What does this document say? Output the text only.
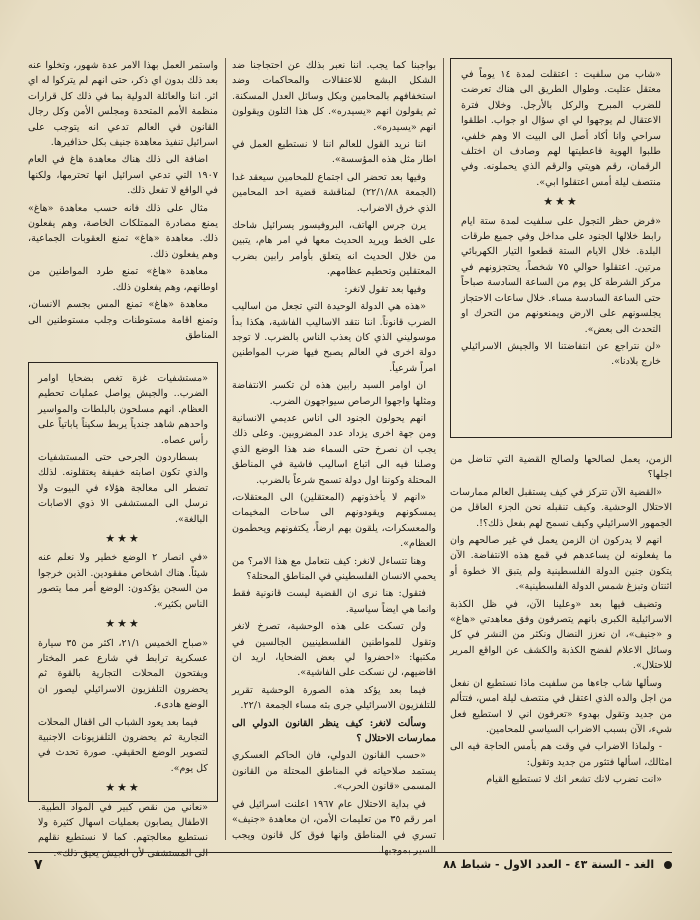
«شاب من سلفيت : اعتقلت لمدة ١٤ يوماً في معتقل عتليت. وطوال الطريق الى هناك تعرضت للضرب المبرح والركل بالأرجل. وخلال فترة الاعتقال لم يوجهوا لي اي سؤال او جواب. اطلقوا سراحي وانا أكاد أصل الى البيت الا وهم خلفي، طلبوا الهوية فاعطيتها لهم وصادف ان اختلف الرقمان، رقم هويتي والرقم الذي يحملونه. وفي منتصف ليلة أمس اعتقلوا ابي».

★★★

«فرض حظر التجول على سلفيت لمدة ستة ايام رابط خلالها الجنود على مداخل وفي جميع طرقات البلدة. خلال الايام الستة قطعوا التيار الكهربائي مرتين. اعتقلوا حوالي ٧٥ شخصاً، يحتجزونهم في مركز الشرطة كل يوم من الساعة السادسة صباحاً حتى الساعة السادسة مساء. خلال ساعات الاحتجاز يجلسونهم على الارض ويمنعونهم من التحرك او التحدث الى بعض».

«لن نتراجع عن انتفاضتنا الا والجيش الاسرائيلي خارج بلادنا».

الزمن، يعمل لصالحها ولصالح القضية التي تناضل من اجلها؟

«القضية الآن تتركز في كيف يستقبل العالم ممارسات الاحتلال الوحشية. وكيف تنقبله نحن الجزء العاقل من الجمهور الاسرائيلي وكيف نسمح لهم بفعل ذلك؟!.

انهم لا يدركون ان الزمن يعمل في غير صالحهم وان ما يفعلونه لن يساعدهم في قمع هذه الانتفاضة. الآن يتكون جنين الدولة الفلسطينية ولم يتبق الا خطوة أو اثنتان وتبزغ شمس الدولة الفلسطينية».

وتضيف فيها بعد «وعلينا الآن، في ظل الكذبة الاسرائيلية الكبرى بانهم يتصرفون وفق معاهدتي «هاغ» و «جنيف»، ان نعزز النضال ونكثر من النشر في كل وسائل الاعلام لفضح الكذبة والكشف عن الواقع المرير للاحتلال».

وسألها شاب جاءها من سلفيت ماذا نستطيع ان نفعل من اجل والده الذي اعتقل في منتصف ليلة امس، فتتألم من جديد وتقول بهدوء «تعرفون اني لا استطيع فعل شيء، الآن بسبب الاضراب السياسي للمحامين.

- ولماذا الاضراب في وقت هم بأمس الحاجة فيه الى امثالك، اسألها فتثور من جديد وتقول:

«انت تضرب لانك تشعر انك لا تستطيع القيام

بواجبنا كما يجب. اننا نعبر بذلك عن احتجاجنا ضد الشكل البشع للاعتقالات والمحاكمات وضد استخفافهم بالمحامين وبكل وسائل العدل المسكنة. ثم يقولون انهم «يسيدره». كل هذا التلون ويقولون انهم «يسيدره».

اننا نريد القول للعالم اننا لا نستطيع العمل في اطار مثل هذه المؤسسة».

وفيها بعد تحضر الى اجتماع للمحامين سيعقد غدا (الجمعة ٢٢/١/٨٨) لمناقشة قضية احد المحامين الذي خرق الاضراب.

يرن جرس الهاتف، البروفيسور يسرائيل شاحك على الخط ويريد الحديث معها في امر هام، يتبين من خلال الحديث انه يتعلق بأوامر رابين بضرب المعتقلين وتحطيم عظامهم.

وفيها بعد تقول لانغر:

«هذه هي الدولة الوحيدة التي تجعل من اساليب الضرب قانوناً. اننا نتقد الاساليب الفاشية، هكذا بدأ موسوليني الذي كان يعذب الناس بالضرب. لا توجد دولة اخرى في العالم يصبح فيها ضرب المواطنين امراً شرعياً.

ان اوامر السيد رابين هذه لن تكسر الانتفاضة ومثلها واجهوا الرصاص سيواجهون الضرب.

انهم يحولون الجنود الى اناس عديمي الانسانية ومن جهة اخرى يزداد عدد المضروبين. وعلى ذلك يجب ان نصرخ حتى السماء ضد هذا الوضع الذي وصلنا فيه الى اتباع اساليب فاشية في المناطق المحتلة وكوننا اول دولة تسمح شرعاً بالضرب.

«انهم لا يأخذونهم (المعتقلين) الى المعتقلات، يمسكونهم ويقودونهم الى ساحات المخيمات والمعسكرات، يلقون بهم ارضاً، يكتفونهم ويحطمون العظام».

وهنا تتساءل لانغر: كيف نتعامل مع هذا الامر؟ من يحمي الانسان الفلسطيني في المناطق المحتلة؟

فتقول: هنا نرى ان القضية ليست قانونية فقط وانما هي ايضاً سياسية.

ولن تسكت على هذه الوحشية، تصرخ لانغر وتقول للمواطنين الفلسطينيين الجالسين في مكتبها: «احضروا لي بعض الضحايا، اريد ان اقاضيهم، لن نسكت على الفاشية».

فيما بعد يؤكد هذه الصورة الوحشية تقرير للتلفزيون الاسرائيلي جرى بثه مساء الجمعة ٢٢/١.

وسألت لانغر: كيف ينظر القانون الدولي الى ممارسات الاحتلال ؟

«حسب القانون الدولي، فان الحاكم العسكري يستمد صلاحياته في المناطق المحتلة من القانون المسمى «قانون الحرب».

في بداية الاحتلال عام ١٩٦٧ اعلنت اسرائيل في امر رقم ٣٥ من تعليمات الأمن، ان معاهدة «جنيف» تسري في المناطق وانها فوق كل قانون ويجب السير بموجبها.

واستمر العمل بهذا الامر عدة شهور، وتخلوا عنه بعد ذلك بدون اي ذكر، حتى انهم لم يتركوا له اي اثر. اننا والعائلة الدولية بما في ذلك كل قرارات منظمة الأمم المتحدة ومجلس الأمن وكل رجال القانون في العالم تدعي انه يتوجب على اسرائيل تنفيذ معاهدة جنيف بكل حذافيرها.

اضافة الى ذلك هناك معاهدة هاغ في العام ١٩٠٧ التي تدعي اسرائيل انها تحترمها، ولكنها في الواقع لا تفعل ذلك.

مثال على ذلك فانه حسب معاهدة «هاغ» يمنع مصادرة الممتلكات الخاصة، وهم يفعلون ذلك. معاهدة «هاغ» تمنع العقوبات الجماعية، وهم يفعلون ذلك.

معاهدة «هاغ» تمنع طرد المواطنين من اوطانهم، وهم يفعلون ذلك.

معاهدة «هاغ» تمنع المس بجسم الانسان، وتمنع اقامة مستوطنات وجلب مستوطنين الى المناطق

«مستشفيات غزة تغص بضحايا اوامر الضرب.. والجيش يواصل عمليات تحطيم العظام. انهم مسلحون بالبلطات والمواسير واحدهم شاهد جندياً يربط سكيناً ياباتياً على رأس عصاه.

بسطاردون الجرحى حتى المستشفيات والذي تكون اصابته خفيفة يعتقلونه. لذلك تضطر الى معالجة هؤلاء في البيوت ولا نرسل الى المستشفى الا ذوي الاصابات البالغة».

★★★

«في انصار ٢ الوضع خطير ولا نعلم عنه شيئاً. هناك اشخاص مفقودين. الذين خرجوا من السجن يؤكدون: الوضع أمر مما يتصور الناس بكثير».

★★★

«صباح الخميس ٢١/١، اكثر من ٣٥ سيارة عسكرية ترابط في شارع عمر المختار ويفتحون المحلات التجارية بالقوة ثم يحضرون التلفزيون الاسرائيلي ليصور ان الوضع هادىء.

فيما بعد يعود الشباب الى اقفال المحلات التجارية ثم يحضرون التلفزيونات الاجنبية لتصوير الوضع الحقيقي. صورة تحدث في كل يوم».

★★★

«نعاني من نقص كبير في المواد الطبية. الاطفال يصابون بعمليات اسهال كثيرة ولا نستطيع معالجتهم. كما لا نستطيع نقلهم الى المستشفى لأن الجيش يعيق ذلك».

الغد - السنة ٤٣ - العدد الاول - شباط ٨٨
٧
